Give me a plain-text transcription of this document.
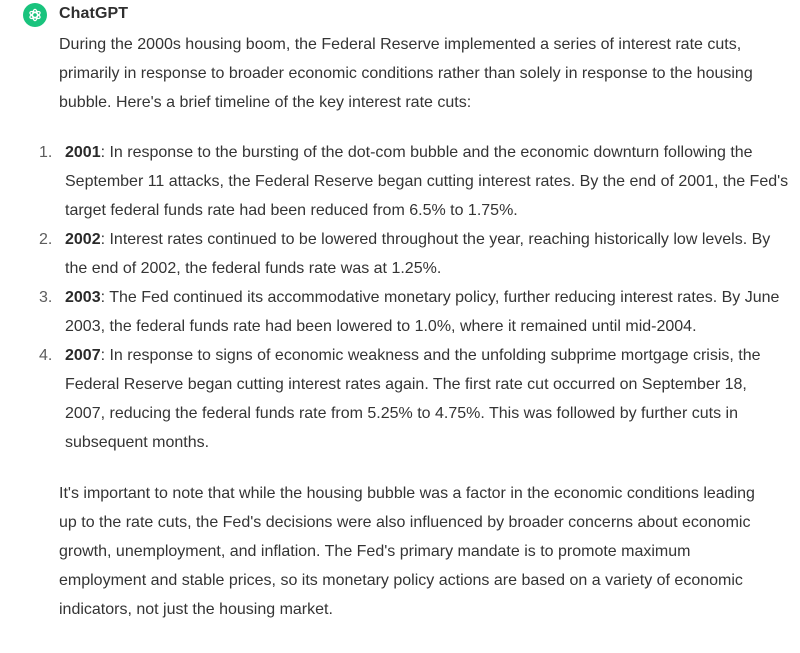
ChatGPT

During the 2000s housing boom, the Federal Reserve implemented a series of interest rate cuts, primarily in response to broader economic conditions rather than solely in response to the housing bubble. Here's a brief timeline of the key interest rate cuts:

1. 2001: In response to the bursting of the dot-com bubble and the economic downturn following the September 11 attacks, the Federal Reserve began cutting interest rates. By the end of 2001, the Fed's target federal funds rate had been reduced from 6.5% to 1.75%.
2. 2002: Interest rates continued to be lowered throughout the year, reaching historically low levels. By the end of 2002, the federal funds rate was at 1.25%.
3. 2003: The Fed continued its accommodative monetary policy, further reducing interest rates. By June 2003, the federal funds rate had been lowered to 1.0%, where it remained until mid-2004.
4. 2007: In response to signs of economic weakness and the unfolding subprime mortgage crisis, the Federal Reserve began cutting interest rates again. The first rate cut occurred on September 18, 2007, reducing the federal funds rate from 5.25% to 4.75%. This was followed by further cuts in subsequent months.

It's important to note that while the housing bubble was a factor in the economic conditions leading up to the rate cuts, the Fed's decisions were also influenced by broader concerns about economic growth, unemployment, and inflation. The Fed's primary mandate is to promote maximum employment and stable prices, so its monetary policy actions are based on a variety of economic indicators, not just the housing market.
